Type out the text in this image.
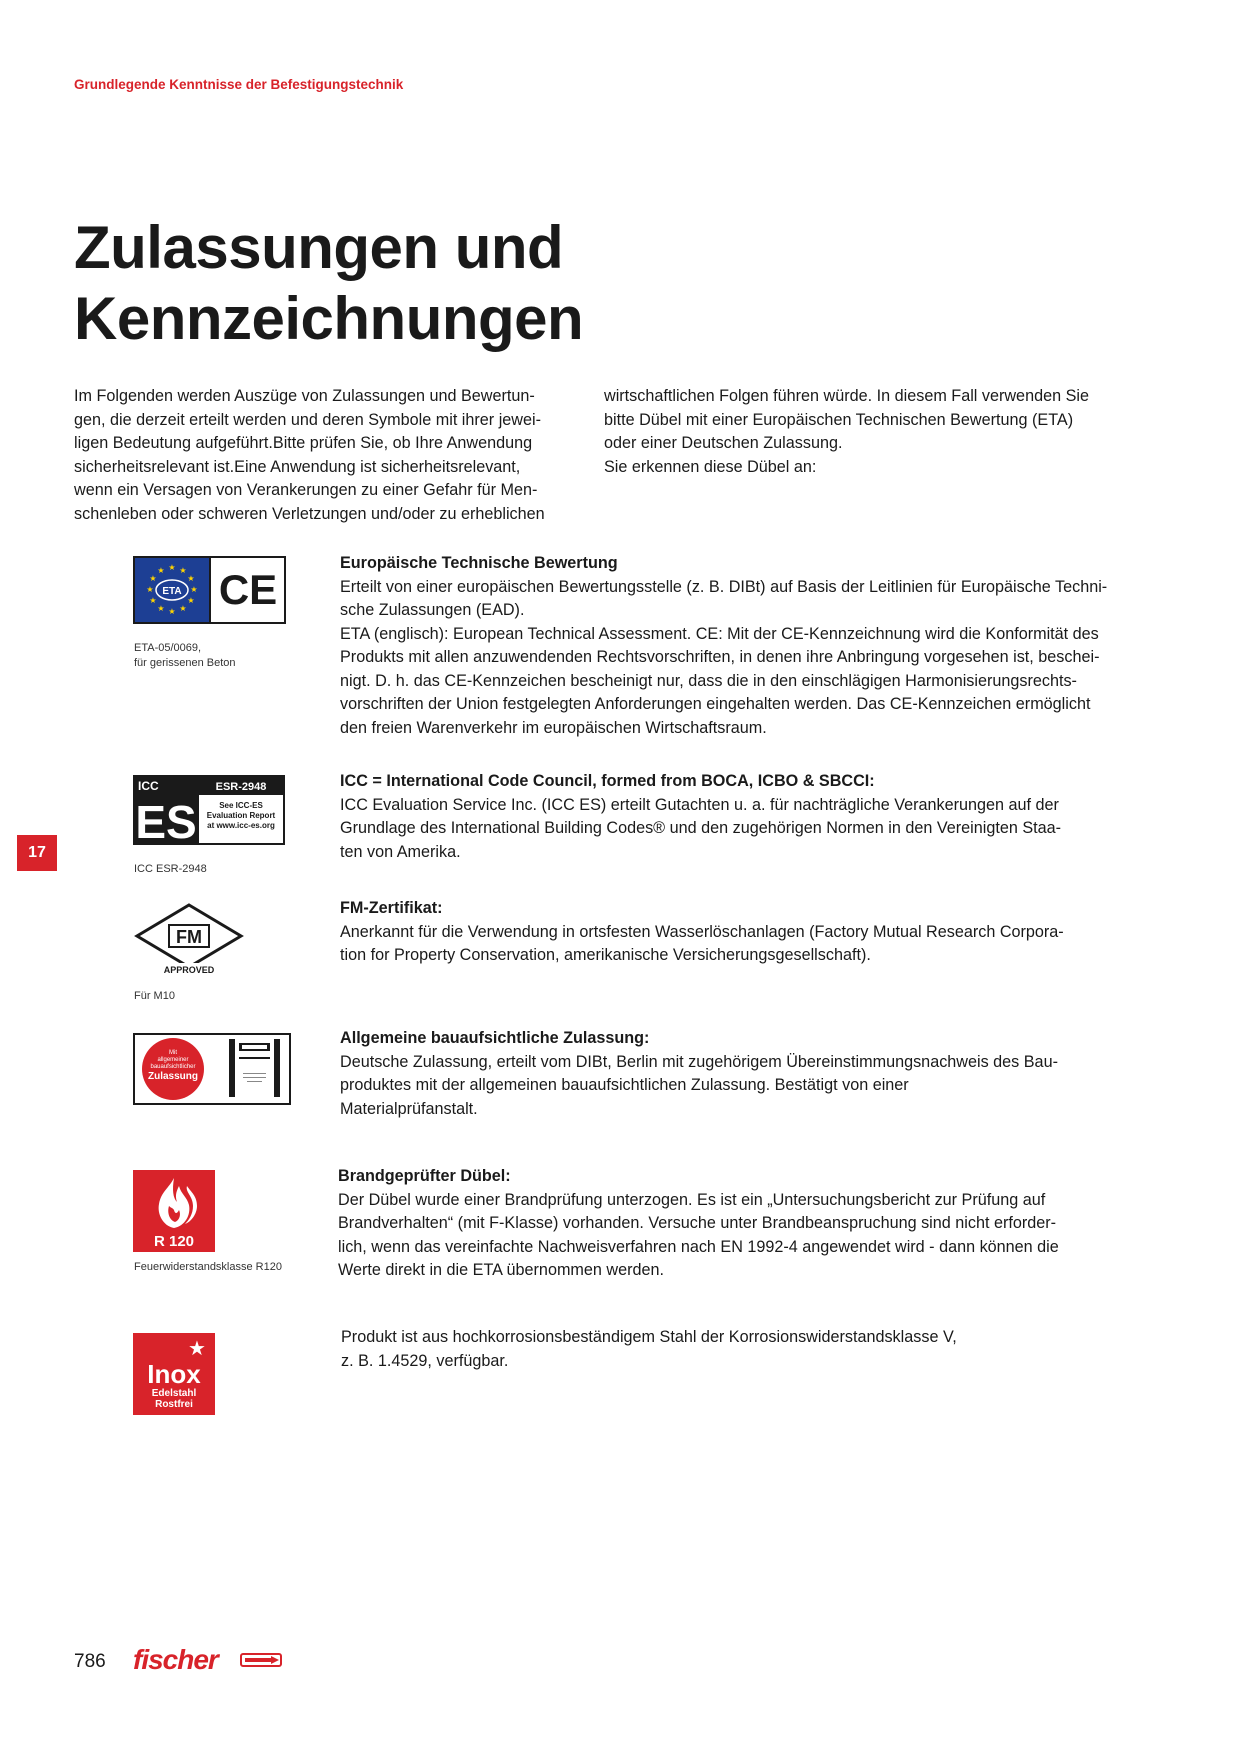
Grundlegende Kenntnisse der Befestigungstechnik
Zulassungen und
Kennzeichnungen
Im Folgenden werden Auszüge von Zulassungen und Bewertun-
gen, die derzeit erteilt werden und deren Symbole mit ihrer jewei-
ligen Bedeutung aufgeführt.Bitte prüfen Sie, ob Ihre Anwendung
sicherheitsrelevant ist.Eine Anwendung ist sicherheitsrelevant,
wenn ein Versagen von Verankerungen zu einer Gefahr für Men-
schenleben oder schweren Verletzungen und/oder zu erheblichen
wirtschaftlichen Folgen führen würde. In diesem Fall verwenden Sie
bitte Dübel mit einer Europäischen Technischen Bewertung (ETA)
oder einer Deutschen Zulassung.
Sie erkennen diese Dübel an:
★ ★
★
★
★
★
★
★
★
★
★
★
ETA CE
ETA-05/0069,
für gerissenen Beton
Europäische Technische Bewertung
Erteilt von einer europäischen Bewertungsstelle (z. B. DIBt) auf Basis der Leitlinien für Europäische Techni-
sche Zulassungen (EAD).
ETA (englisch): European Technical Assessment. CE: Mit der CE-Kennzeichnung wird die Konformität des
Produkts mit allen anzuwendenden Rechtsvorschriften, in denen ihre Anbringung vorgesehen ist, beschei-
nigt. D. h. das CE-Kennzeichen bescheinigt nur, dass die in den einschlägigen Harmonisierungsrechts-
vorschriften der Union festgelegten Anforderungen eingehalten werden. Das CE-Kennzeichen ermöglicht
den freien Warenverkehr im europäischen Wirtschaftsraum.
ICC
ES
ESR-2948
See ICC-ES
Evaluation Report
at www.icc-es.org
ICC ESR-2948
ICC = International Code Council, formed from BOCA, ICBO & SBCCI:
ICC Evaluation Service Inc. (ICC ES) erteilt Gutachten u. a. für nachträgliche Verankerungen auf der
Grundlage des International Building Codes® und den zugehörigen Normen in den Vereinigten Staa-
ten von Amerika.
17
FM
APPROVED
Für M10
FM-Zertifikat:
Anerkannt für die Verwendung in ortsfesten Wasserlöschanlagen (Factory Mutual Research Corpora-
tion for Property Conservation, amerikanische Versicherungsgesellschaft).
Mit
allgemeiner
bauaufsichtlicher
Zulassung
Allgemeine bauaufsichtliche Zulassung:
Deutsche Zulassung, erteilt vom DIBt, Berlin mit zugehörigem Übereinstimmungsnachweis des Bau-
produktes mit der allgemeinen bauaufsichtlichen Zulassung. Bestätigt von einer
Materialprüfanstalt.
R 120
Feuerwiderstandsklasse R120
Brandgeprüfter Dübel:
Der Dübel wurde einer Brandprüfung unterzogen. Es ist ein „Untersuchungsbericht zur Prüfung auf
Brandverhalten“ (mit F-Klasse) vorhanden. Versuche unter Brandbeanspruchung sind nicht erforder-
lich, wenn das vereinfachte Nachweisverfahren nach EN 1992-4 angewendet wird - dann können die
Werte direkt in die ETA übernommen werden.
★
Inox
Edelstahl
Rostfrei
Produkt ist aus hochkorrosionsbeständigem Stahl der Korrosionswiderstandsklasse V,
z. B. 1.4529, verfügbar.
786 fischer
